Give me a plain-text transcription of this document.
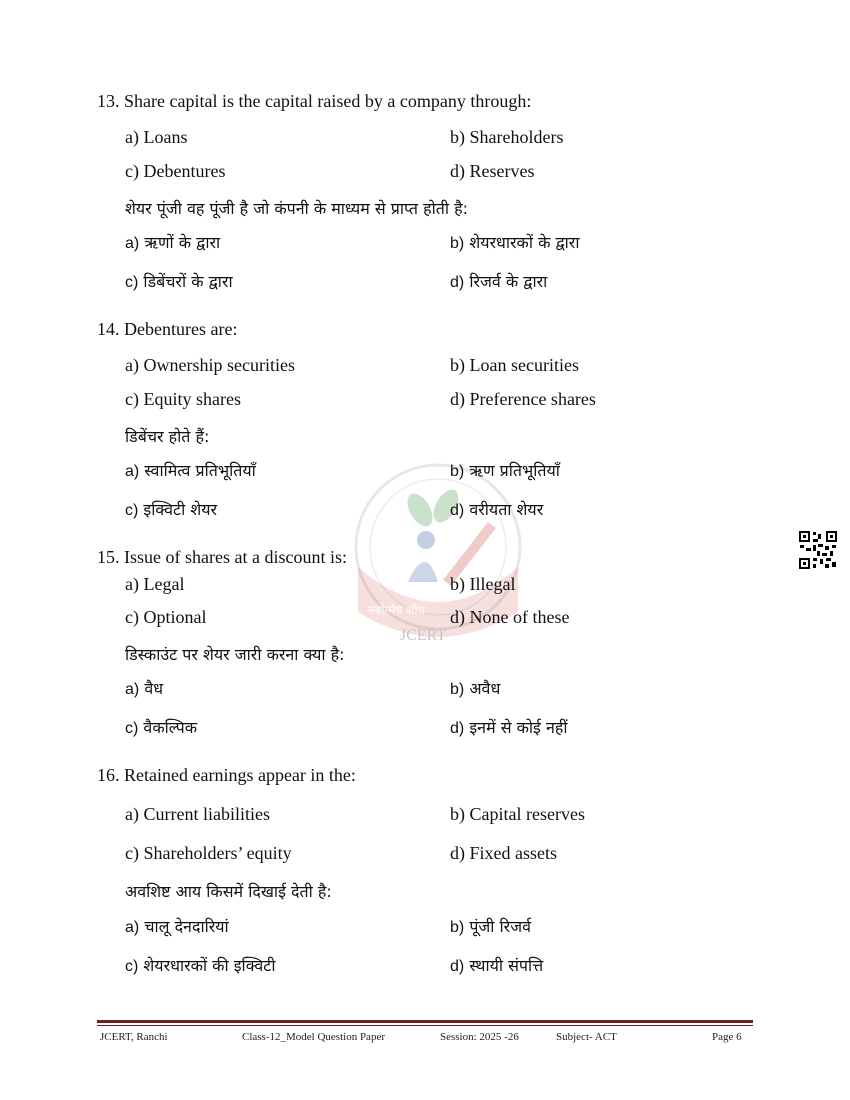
नवोन्मेष शोध
JCERT
13. Share capital is the capital raised by a company through:
a) Loans	b) Shareholders
c) Debentures	d) Reserves
शेयर पूंजी वह पूंजी है जो कंपनी के माध्यम से प्राप्त होती है:
a) ऋणों के द्वारा	b) शेयरधारकों के द्वारा
c) डिबेंचरों के द्वारा	d) रिजर्व के द्वारा
14. Debentures are:
a) Ownership securities	b) Loan securities
c) Equity shares	d) Preference shares
डिबेंचर होते हैं:
a) स्वामित्व प्रतिभूतियाँ	b) ऋण प्रतिभूतियाँ
c) इक्विटी शेयर	d) वरीयता शेयर
15. Issue of shares at a discount is:
a) Legal	b) Illegal
c) Optional	d) None of these
डिस्काउंट पर शेयर जारी करना क्या है:
a) वैध	b) अवैध
c) वैकल्पिक	d) इनमें से कोई नहीं
16. Retained earnings appear in the:
a) Current liabilities	b) Capital reserves
c) Shareholders’ equity	d) Fixed assets
अवशिष्ट आय किसमें दिखाई देती है:
a) चालू देनदारियां	b) पूंजी रिजर्व
c) शेयरधारकों की इक्विटी	d) स्थायी संपत्ति
JCERT, Ranchi	Class-12_Model Question Paper	Session: 2025 -26	Subject- ACT	Page 6
